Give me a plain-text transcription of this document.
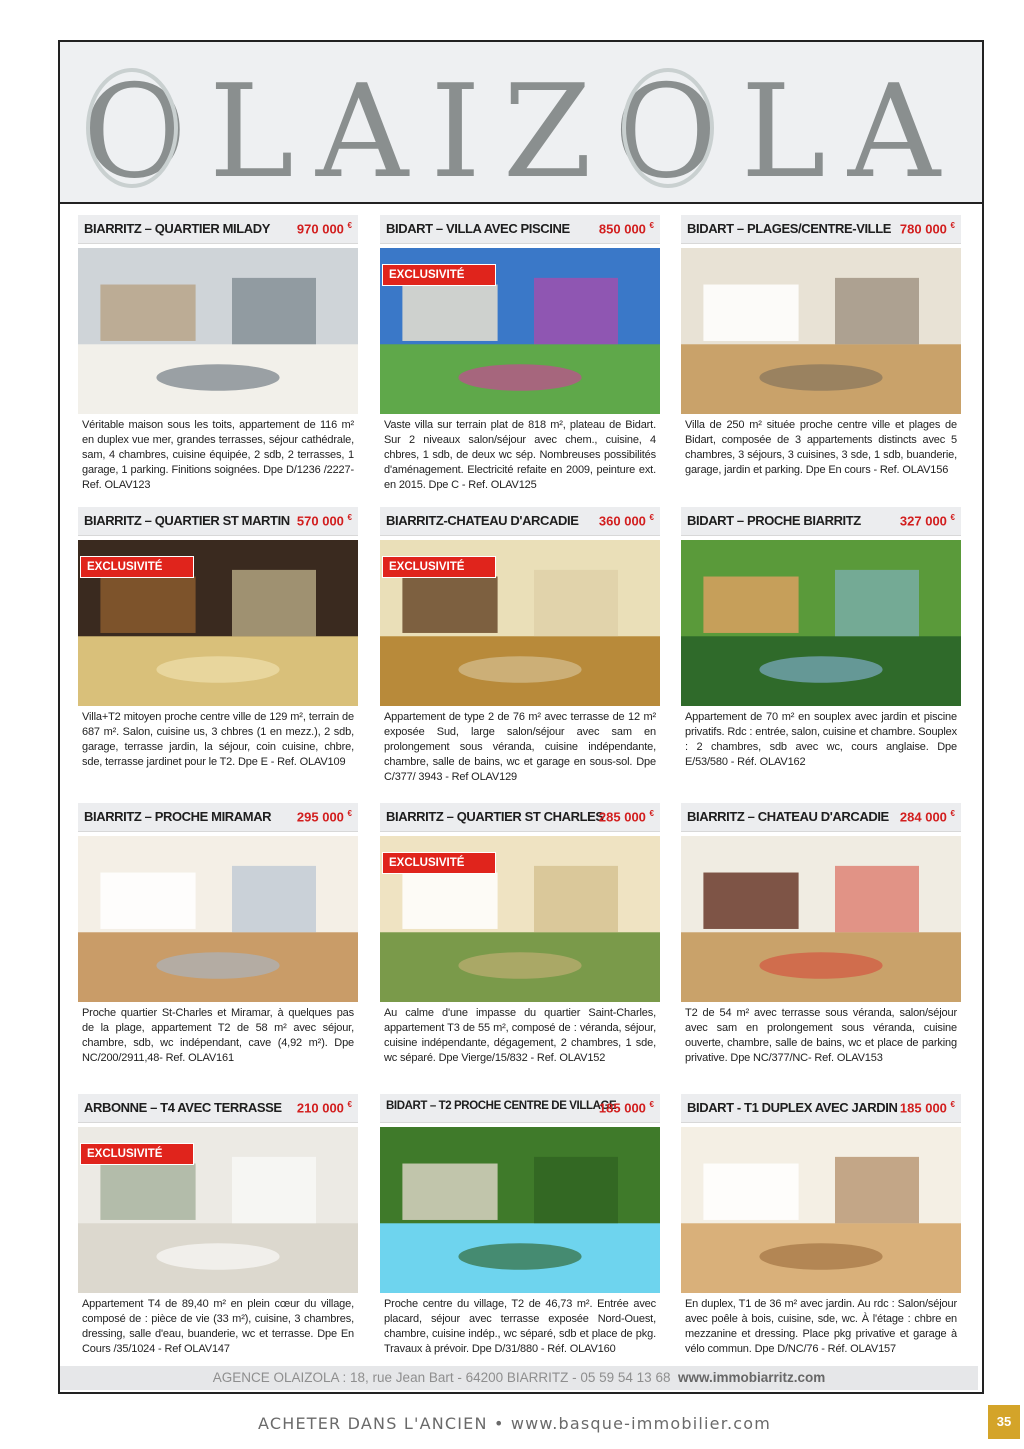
OLAIZOLA
BIARRITZ – QUARTIER MILADY 970 000 €
Véritable maison sous les toits, appartement de 116 m² en duplex vue mer, grandes terrasses, séjour cathédrale, sam, 4 chambres, cuisine équipée, 2 sdb, 2 terrasses, 1 garage, 1 parking. Finitions soignées. Dpe D/1236 /2227- Ref. OLAV123
BIDART – VILLA AVEC PISCINE 850 000 €
EXCLUSIVITÉ
Vaste villa sur terrain plat de 818 m², plateau de Bidart. Sur 2 niveaux salon/séjour avec chem., cuisine, 4 chbres, 1 sdb, de deux wc sép. Nombreuses possibilités d'aménagement. Electricité refaite en 2009, peinture ext. en 2015. Dpe C - Ref. OLAV125
BIDART – PLAGES/CENTRE-VILLE 780 000 €
Villa de 250 m² située proche centre ville et plages de Bidart, composée de 3 appartements distincts avec 5 chambres, 3 séjours, 3 cuisines, 3 sde, 1 sdb, buanderie, garage, jardin et parking. Dpe En cours - Ref. OLAV156
BIARRITZ – QUARTIER ST MARTIN 570 000 €
EXCLUSIVITÉ
Villa+T2 mitoyen proche centre ville de 129 m², terrain de 687 m². Salon, cuisine us, 3 chbres (1 en mezz.), 2 sdb, garage, terrasse jardin, la séjour, coin cuisine, chbre, sde, terrasse jardinet pour le T2. Dpe E - Ref. OLAV109
BIARRITZ-CHATEAU D'ARCADIE 360 000 €
EXCLUSIVITÉ
Appartement de type 2 de 76 m² avec terrasse de 12 m² exposée Sud, large salon/séjour avec sam en prolongement sous véranda, cuisine indépendante, chambre, salle de bains, wc et garage en sous-sol. Dpe C/377/ 3943 - Ref OLAV129
BIDART – PROCHE BIARRITZ	327 000 €
Appartement de 70 m² en souplex avec jardin et piscine privatifs. Rdc : entrée, salon, cuisine et chambre. Souplex : 2 chambres, sdb avec wc, cours anglaise. Dpe E/53/580 - Réf. OLAV162
BIARRITZ – PROCHE MIRAMAR 295 000 €
Proche quartier St-Charles et Miramar, à quelques pas de la plage, appartement T2 de 58 m² avec séjour, chambre, sdb, wc indépendant, cave (4,92 m²). Dpe NC/200/2911,48- Ref. OLAV161
BIARRITZ – QUARTIER ST CHARLES
285 000 €
EXCLUSIVITÉ
Au calme d'une impasse du quartier Saint-Charles, appartement T3 de 55 m², composé de : véranda, séjour, cuisine indépendante, dégagement, 2 chambres, 1 sde, wc séparé. Dpe Vierge/15/832 - Ref. OLAV152
BIARRITZ – CHATEAU D'ARCADIE 284 000 €
T2 de 54 m² avec terrasse sous véranda, salon/séjour avec sam en prolongement sous véranda, cuisine ouverte, chambre, salle de bains, wc et place de parking privative. Dpe NC/377/NC- Ref. OLAV153
ARBONNE – T4 AVEC TERRASSE 210 000 €
EXCLUSIVITÉ
Appartement T4 de 89,40 m² en plein cœur du village, composé de : pièce de vie (33 m²), cuisine, 3 chambres, dressing, salle d'eau, buanderie, wc et terrasse. Dpe En Cours /35/1024 - Ref OLAV147
BIDART – T2 PROCHE CENTRE DE VILLAGE
185 000 €
Proche centre du village, T2 de 46,73 m². Entrée avec placard, séjour avec terrasse exposée Nord-Ouest, chambre, cuisine indép., wc séparé, sdb et place de pkg. Travaux à prévoir. Dpe D/31/880 - Réf. OLAV160
BIDART - T1 DUPLEX AVEC JARDIN 185 000 €
En duplex, T1 de 36 m² avec jardin. Au rdc : Salon/séjour avec poêle à bois, cuisine, sde, wc. À l'étage : chbre en mezzanine et dressing. Place pkg privative et garage à vélo commun. Dpe D/NC/76 - Réf. OLAV157
AGENCE OLAIZOLA : 18, rue Jean Bart - 64200 BIARRITZ - 05 59 54 13 68 www.immobiarritz.com
ACHETER DANS L'ANCIEN • www.basque-immobilier.com	35
